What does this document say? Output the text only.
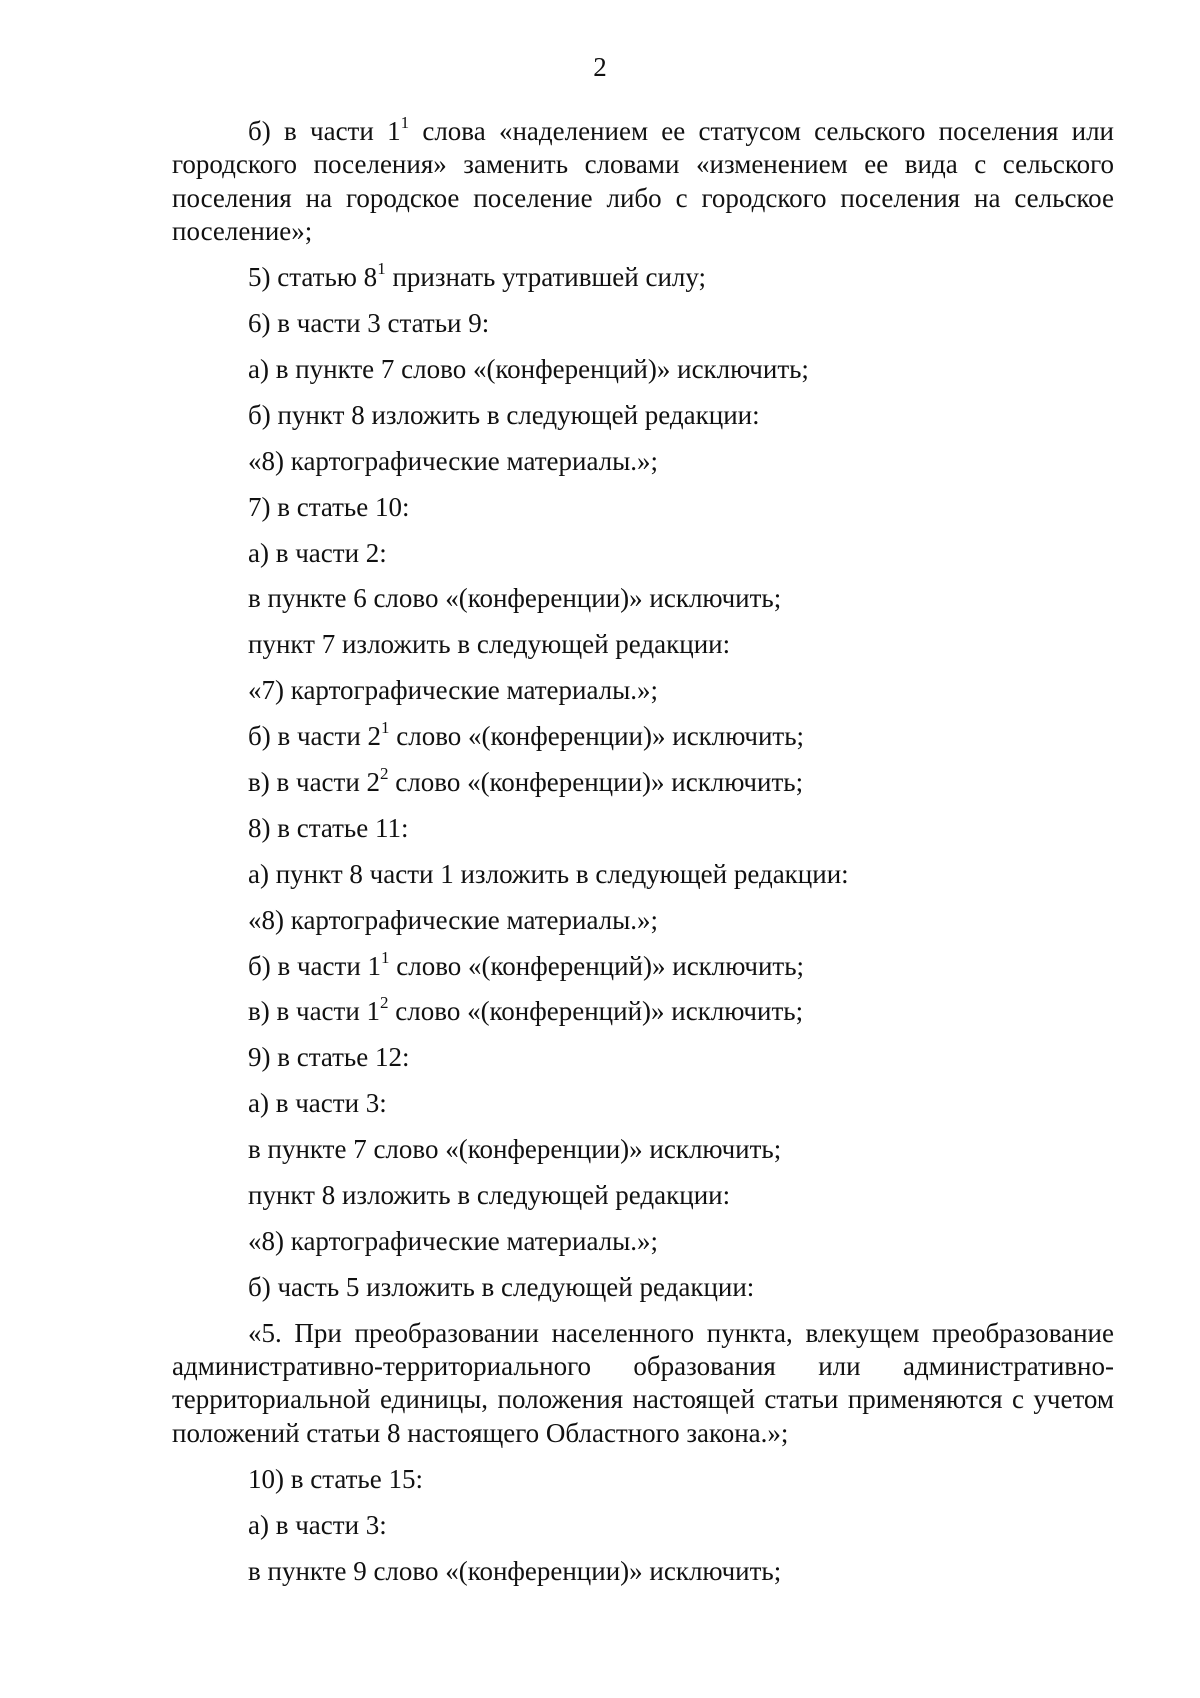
2

б) в части $1^1$ слова «наделением ее статусом сельского поселения или городского поселения» заменить словами «изменением ее вида с сельского поселения на городское поселение либо с городского поселения на сельское поселение»;

5) статью $8^1$ признать утратившей силу;

6) в части 3 статьи 9:

а) в пункте 7 слово «(конференций)» исключить;

б) пункт 8 изложить в следующей редакции:

«8) картографические материалы.»;

7) в статье 10:

а) в части 2:

в пункте 6 слово «(конференции)» исключить;

пункт 7 изложить в следующей редакции:

«7) картографические материалы.»;

б) в части $2^1$ слово «(конференции)» исключить;

в) в части $2^2$ слово «(конференции)» исключить;

8) в статье 11:

а) пункт 8 части 1 изложить в следующей редакции:

«8) картографические материалы.»;

б) в части $1^1$ слово «(конференций)» исключить;

в) в части $1^2$ слово «(конференций)» исключить;

9) в статье 12:

а) в части 3:

в пункте 7 слово «(конференции)» исключить;

пункт 8 изложить в следующей редакции:

«8) картографические материалы.»;

б) часть 5 изложить в следующей редакции:

«5. При преобразовании населенного пункта, влекущем преобразование административно-территориального образования или административно-территориальной единицы, положения настоящей статьи применяются с учетом положений статьи 8 настоящего Областного закона.»;

10) в статье 15:

а) в части 3:

в пункте 9 слово «(конференции)» исключить;
